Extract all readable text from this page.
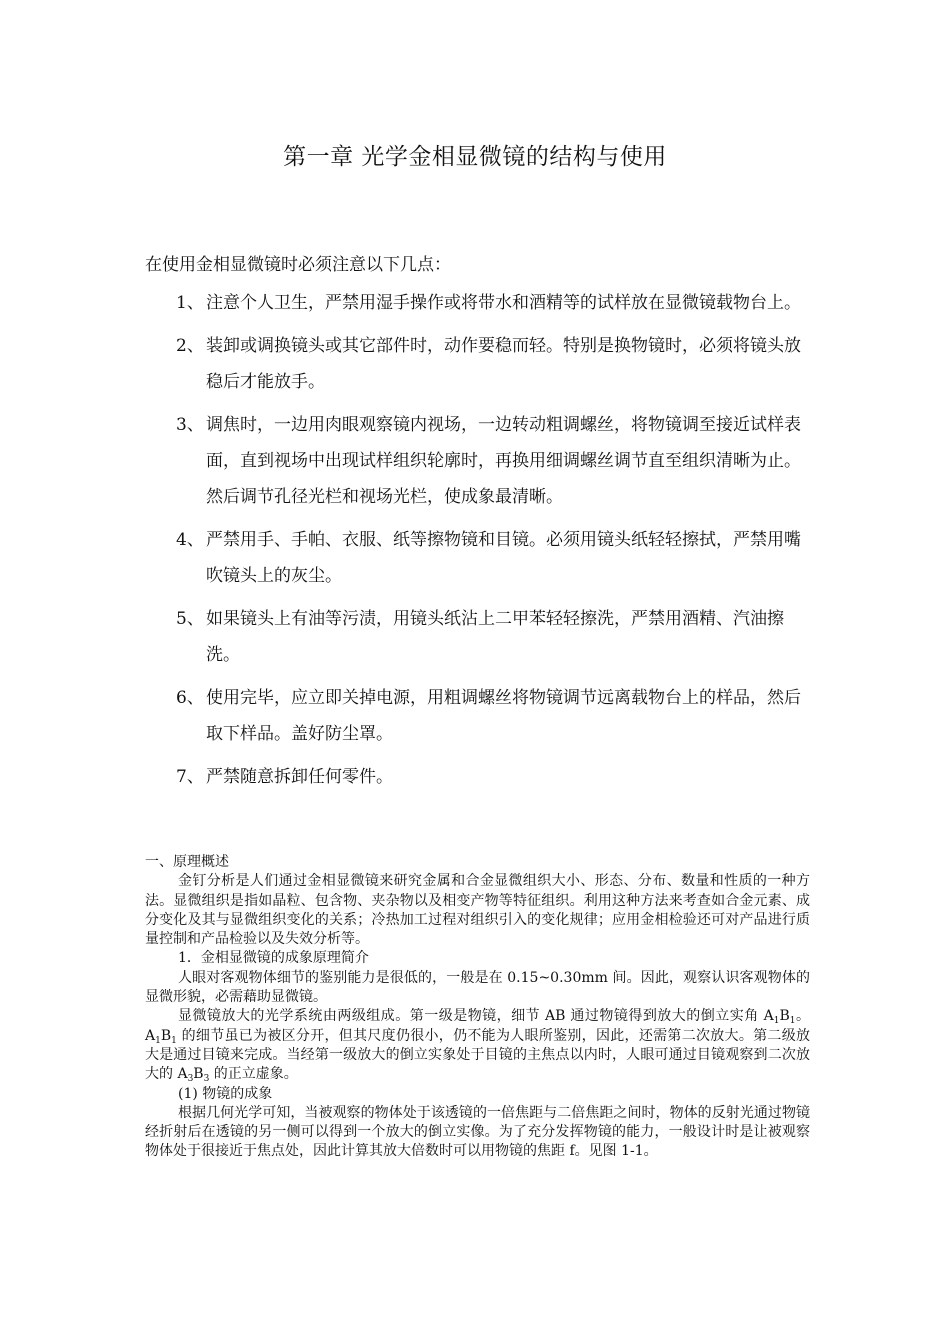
第一章 光学金相显微镜的结构与使用
在使用金相显微镜时必须注意以下几点：
1、 注意个人卫生，严禁用湿手操作或将带水和酒精等的试样放在显微镜载物台上。
2、 装卸或调换镜头或其它部件时，动作要稳而轻。特别是换物镜时，必须将镜头放稳后才能放手。
3、 调焦时，一边用肉眼观察镜内视场，一边转动粗调螺丝，将物镜调至接近试样表面，直到视场中出现试样组织轮廓时，再换用细调螺丝调节直至组织清晰为止。然后调节孔径光栏和视场光栏，使成象最清晰。
4、 严禁用手、手帕、衣服、纸等擦物镜和目镜。必须用镜头纸轻轻擦拭，严禁用嘴吹镜头上的灰尘。
5、 如果镜头上有油等污渍，用镜头纸沾上二甲苯轻轻擦洗，严禁用酒精、汽油擦洗。
6、 使用完毕，应立即关掉电源，用粗调螺丝将物镜调节远离载物台上的样品，然后取下样品。盖好防尘罩。
7、 严禁随意拆卸任何零件。

一、原理概述

金钉分析是人们通过金相显微镜来研究金属和合金显微组织大小、形态、分布、数量和性质的一种方法。显微组织是指如晶粒、包含物、夹杂物以及相变产物等特征组织。利用这种方法来考查如合金元素、成分变化及其与显微组织变化的关系；冷热加工过程对组织引入的变化规律；应用金相检验还可对产品进行质量控制和产品检验以及失效分析等。

1．金相显微镜的成象原理简介

人眼对客观物体细节的鉴别能力是很低的，一般是在 0.15~0.30mm 间。因此，观察认识客观物体的显微形貌，必需藉助显微镜。

显微镜放大的光学系统由两级组成。第一级是物镜，细节 AB 通过物镜得到放大的倒立实角 $A_1B_1$。$A_1B_1$ 的细节虽已为被区分开，但其尺度仍很小，仍不能为人眼所鉴别，因此，还需第二次放大。第二级放大是通过目镜来完成。当经第一级放大的倒立实象处于目镜的主焦点以内时，人眼可通过目镜观察到二次放大的 $A_3B_3$ 的正立虚象。

(1) 物镜的成象

根据几何光学可知，当被观察的物体处于该透镜的一倍焦距与二倍焦距之间时，物体的反射光通过物镜经折射后在透镜的另一侧可以得到一个放大的倒立实像。为了充分发挥物镜的能力，一般设计时是让被观察物体处于很接近于焦点处，因此计算其放大倍数时可以用物镜的焦距 f。见图 1-1。
